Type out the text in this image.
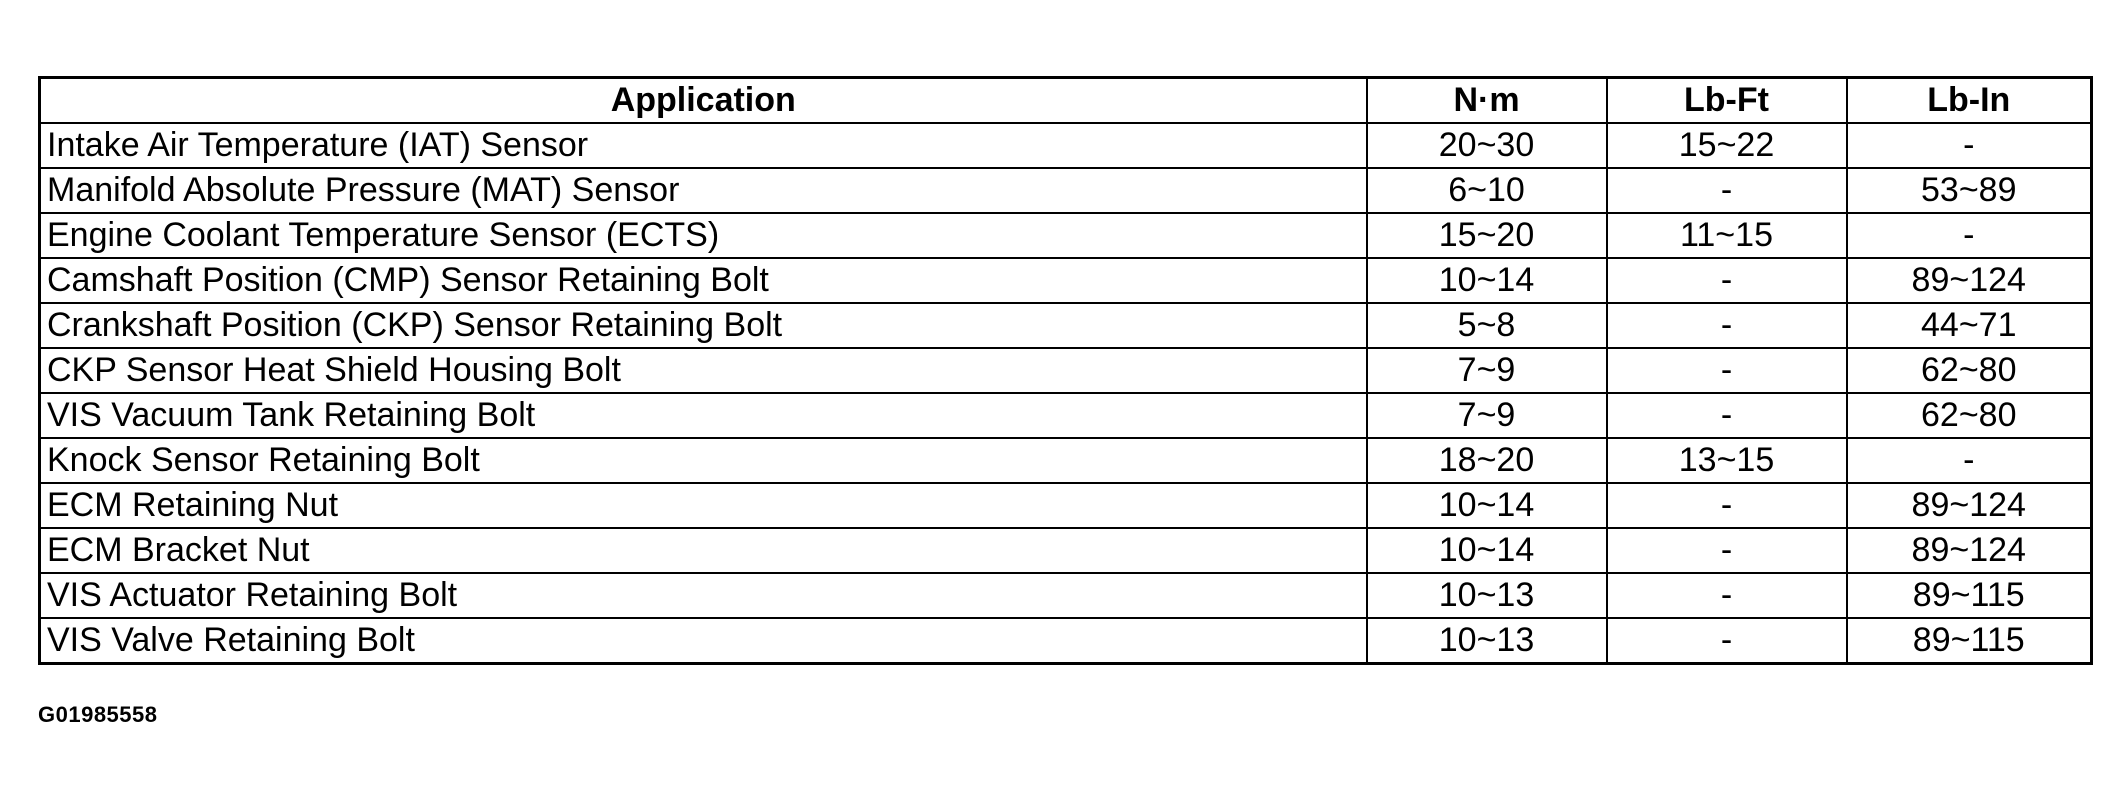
Application	N·m	Lb-Ft	Lb-In
Intake Air Temperature (IAT) Sensor	20~30	15~22	-
Manifold Absolute Pressure (MAT) Sensor	6~10	-	53~89
Engine Coolant Temperature Sensor (ECTS)	15~20	11~15	-
Camshaft Position (CMP) Sensor Retaining Bolt	10~14	-	89~124
Crankshaft Position (CKP) Sensor Retaining Bolt	5~8	-	44~71
CKP Sensor Heat Shield Housing Bolt	7~9	-	62~80
VIS Vacuum Tank Retaining Bolt	7~9	-	62~80
Knock Sensor Retaining Bolt	18~20	13~15	-
ECM Retaining Nut	10~14	-	89~124
ECM Bracket Nut	10~14	-	89~124
VIS Actuator Retaining Bolt	10~13	-	89~115
VIS Valve Retaining Bolt	10~13	-	89~115
G01985558
